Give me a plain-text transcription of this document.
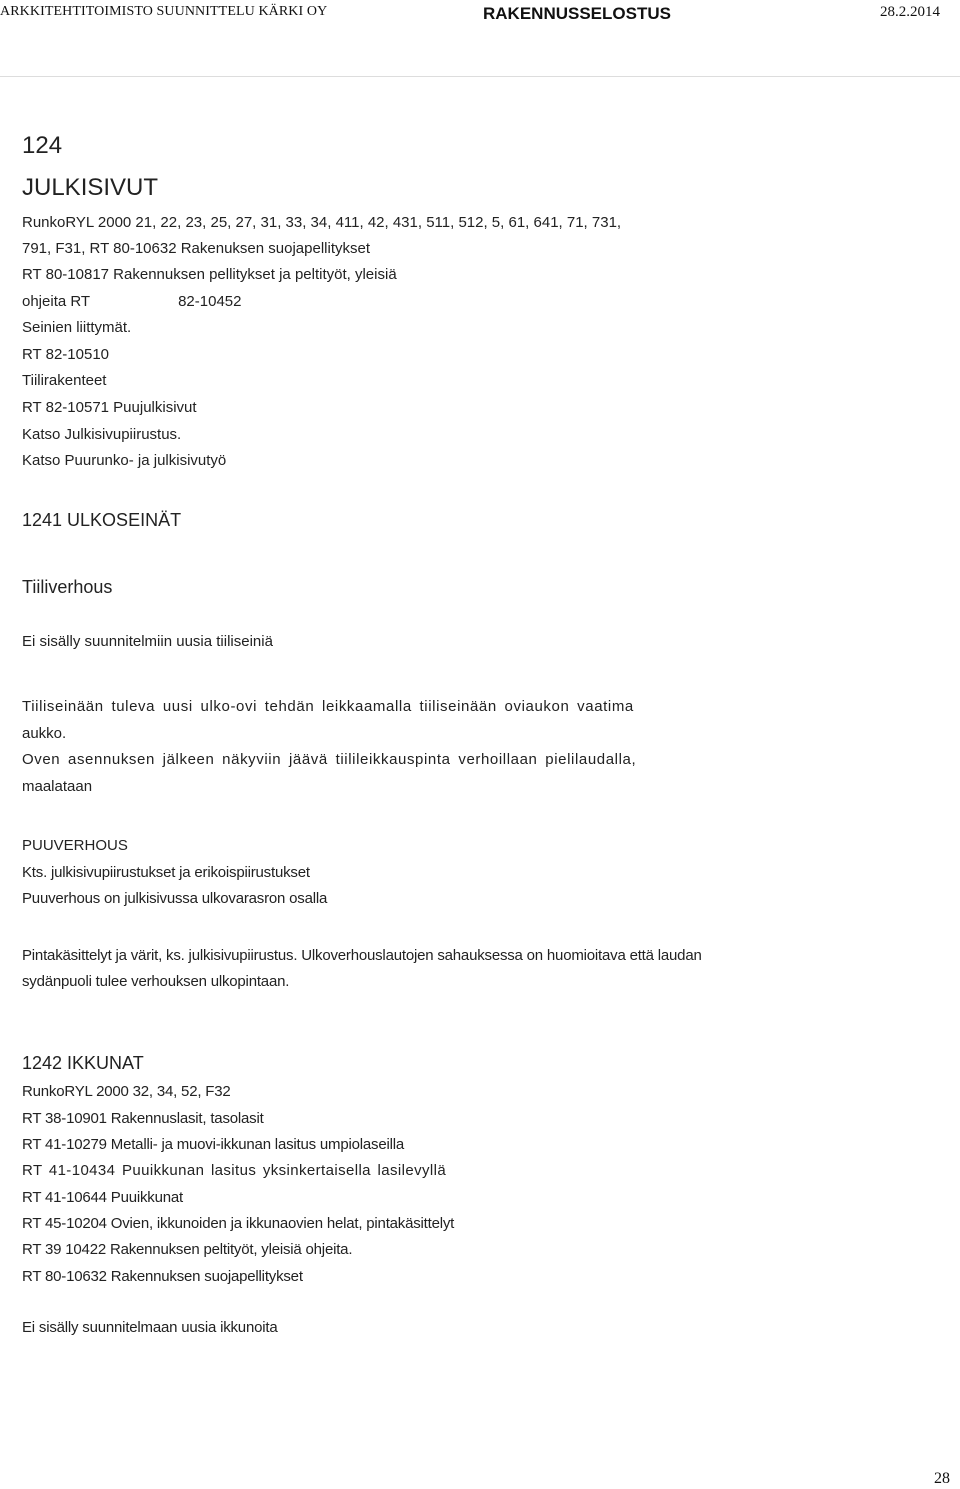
ARKKITEHTITOIMISTO SUUNNITTELU KÄRKI OY	RAKENNUSSELOSTUS	28.2.2014
124
JULKISIVUT
RunkoRYL 2000 21, 22, 23, 25, 27, 31, 33, 34, 411, 42, 431, 511, 512, 5, 61, 641, 71, 731,
791, F31, RT 80-10632 Rakenuksen suojapellitykset
RT 80-10817 Rakennuksen pellitykset ja peltityöt, yleisiä
ohjeita RT	82-10452
Seinien liittymät.
RT 82-10510
Tiilirakenteet
RT 82-10571 Puujulkisivut
Katso Julkisivupiirustus.
Katso Puurunko- ja julkisivutyö
1241 ULKOSEINÄT
Tiiliverhous
Ei sisälly suunnitelmiin uusia tiiliseiniä
Tiiliseinään tuleva uusi ulko-ovi tehdän leikkaamalla tiiliseinään oviaukon vaatima
aukko.
Oven asennuksen jälkeen näkyviin jäävä tiilileikkauspinta verhoillaan pielilaudalla,
maalataan
PUUVERHOUS
Kts. julkisivupiirustukset ja erikoispiirustukset
Puuverhous on julkisivussa ulkovarasron osalla
Pintakäsittelyt ja värit, ks. julkisivupiirustus. Ulkoverhouslautojen sahauksessa on huomioitava että laudan
sydänpuoli tulee verhouksen ulkopintaan.
1242 IKKUNAT
RunkoRYL 2000 32, 34, 52, F32
RT 38-10901 Rakennuslasit, tasolasit
RT 41-10279 Metalli- ja muovi-ikkunan lasitus umpiolaseilla
RT 41-10434 Puuikkunan lasitus yksinkertaisella lasilevyllä
RT 41-10644 Puuikkunat
RT 45-10204 Ovien, ikkunoiden ja ikkunaovien helat, pintakäsittelyt
RT 39 10422 Rakennuksen peltityöt, yleisiä ohjeita.
RT 80-10632 Rakennuksen suojapellitykset
Ei sisälly suunnitelmaan uusia ikkunoita
28
